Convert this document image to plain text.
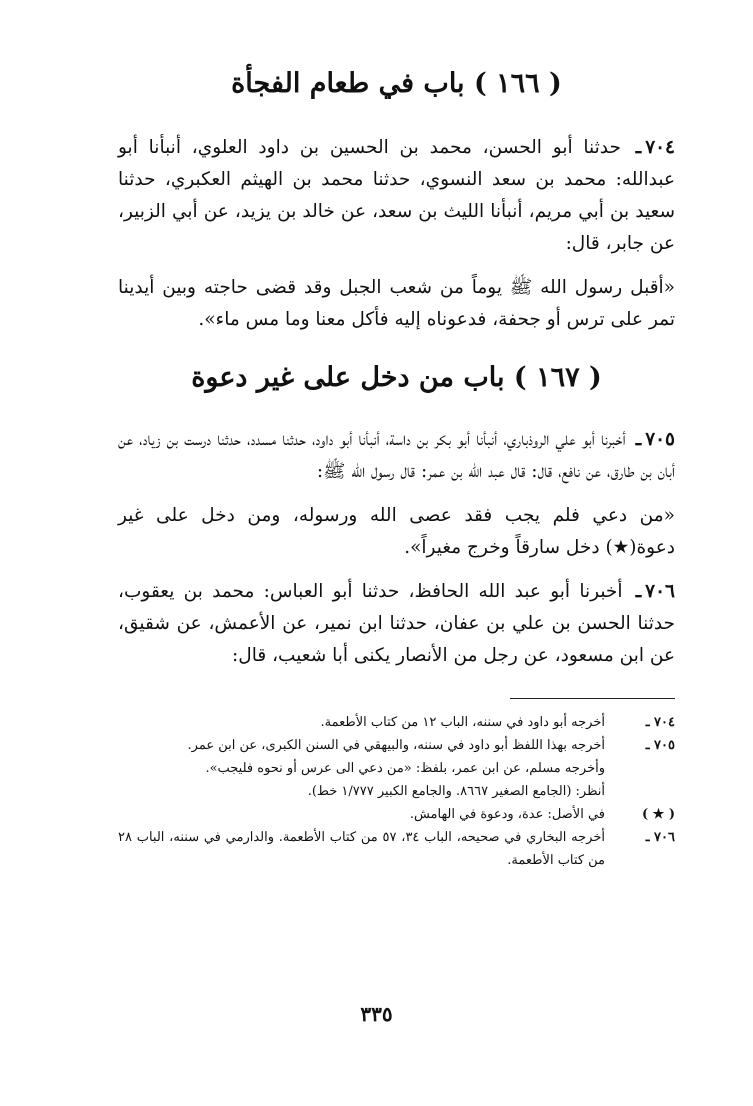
( ١٦٦ ) باب في طعام الفجأة

٧٠٤ـ حدثنا أبو الحسن، محمد بن الحسين بن داود العلوي، أنبأنا أبو عبدالله: محمد بن سعد النسوي، حدثنا محمد بن الهيثم العكبري، حدثنا سعيد بن أبي مريم، أنبأنا الليث بن سعد، عن خالد بن يزيد، عن أبي الزبير، عن جابر، قال:

«أقبل رسول الله ﷺ يوماً من شعب الجبل وقد قضى حاجته وبين أيدينا تمر على ترس أو جحفة، فدعوناه إليه فأكل معنا وما مس ماء».

( ١٦٧ ) باب من دخل على غير دعوة

٧٠٥ـ أخبرنا أبو علي الروذباري، أنبأنا أبو بكر بن داسة، أنبأنا أبو داود، حدثنا مسدد، حدثنا درست بن زياد، عن أبان بن طارق، عن نافع، قال: قال عبد الله بن عمر: قال رسول الله ﷺ:

«من دعي فلم يجب فقد عصى الله ورسوله، ومن دخل على غير دعوة(★) دخل سارقاً وخرج مغيراً».

٧٠٦ـ أخبرنا أبو عبد الله الحافظ، حدثنا أبو العباس: محمد بن يعقوب، حدثنا الحسن بن علي بن عفان، حدثنا ابن نمير، عن الأعمش، عن شقيق، عن ابن مسعود، عن رجل من الأنصار يكنى أبا شعيب، قال:

٧٠٤ ـ
أخرجه أبو داود في سننه، الباب ١٢ من كتاب الأطعمة.
٧٠٥ ـ
أخرجه بهذا اللفظ أبو داود في سننه، والبيهقي في السنن الكبرى، عن ابن عمر.
وأخرجه مسلم، عن ابن عمر، بلفظ: «من دعي الى عرس أو نحوه فليجب».
أنظر: (الجامع الصغير ٨٦٦٧. والجامع الكبير ١/٧٧٧ خط).
( ★ )
في الأصل: عدة، ودعوة في الهامش.
٧٠٦ ـ
أخرجه البخاري في صحيحه، الباب ٣٤، ٥٧ من كتاب الأطعمة. والدارمي في سننه، الباب ٢٨ من كتاب الأطعمة.
٣٣٥
